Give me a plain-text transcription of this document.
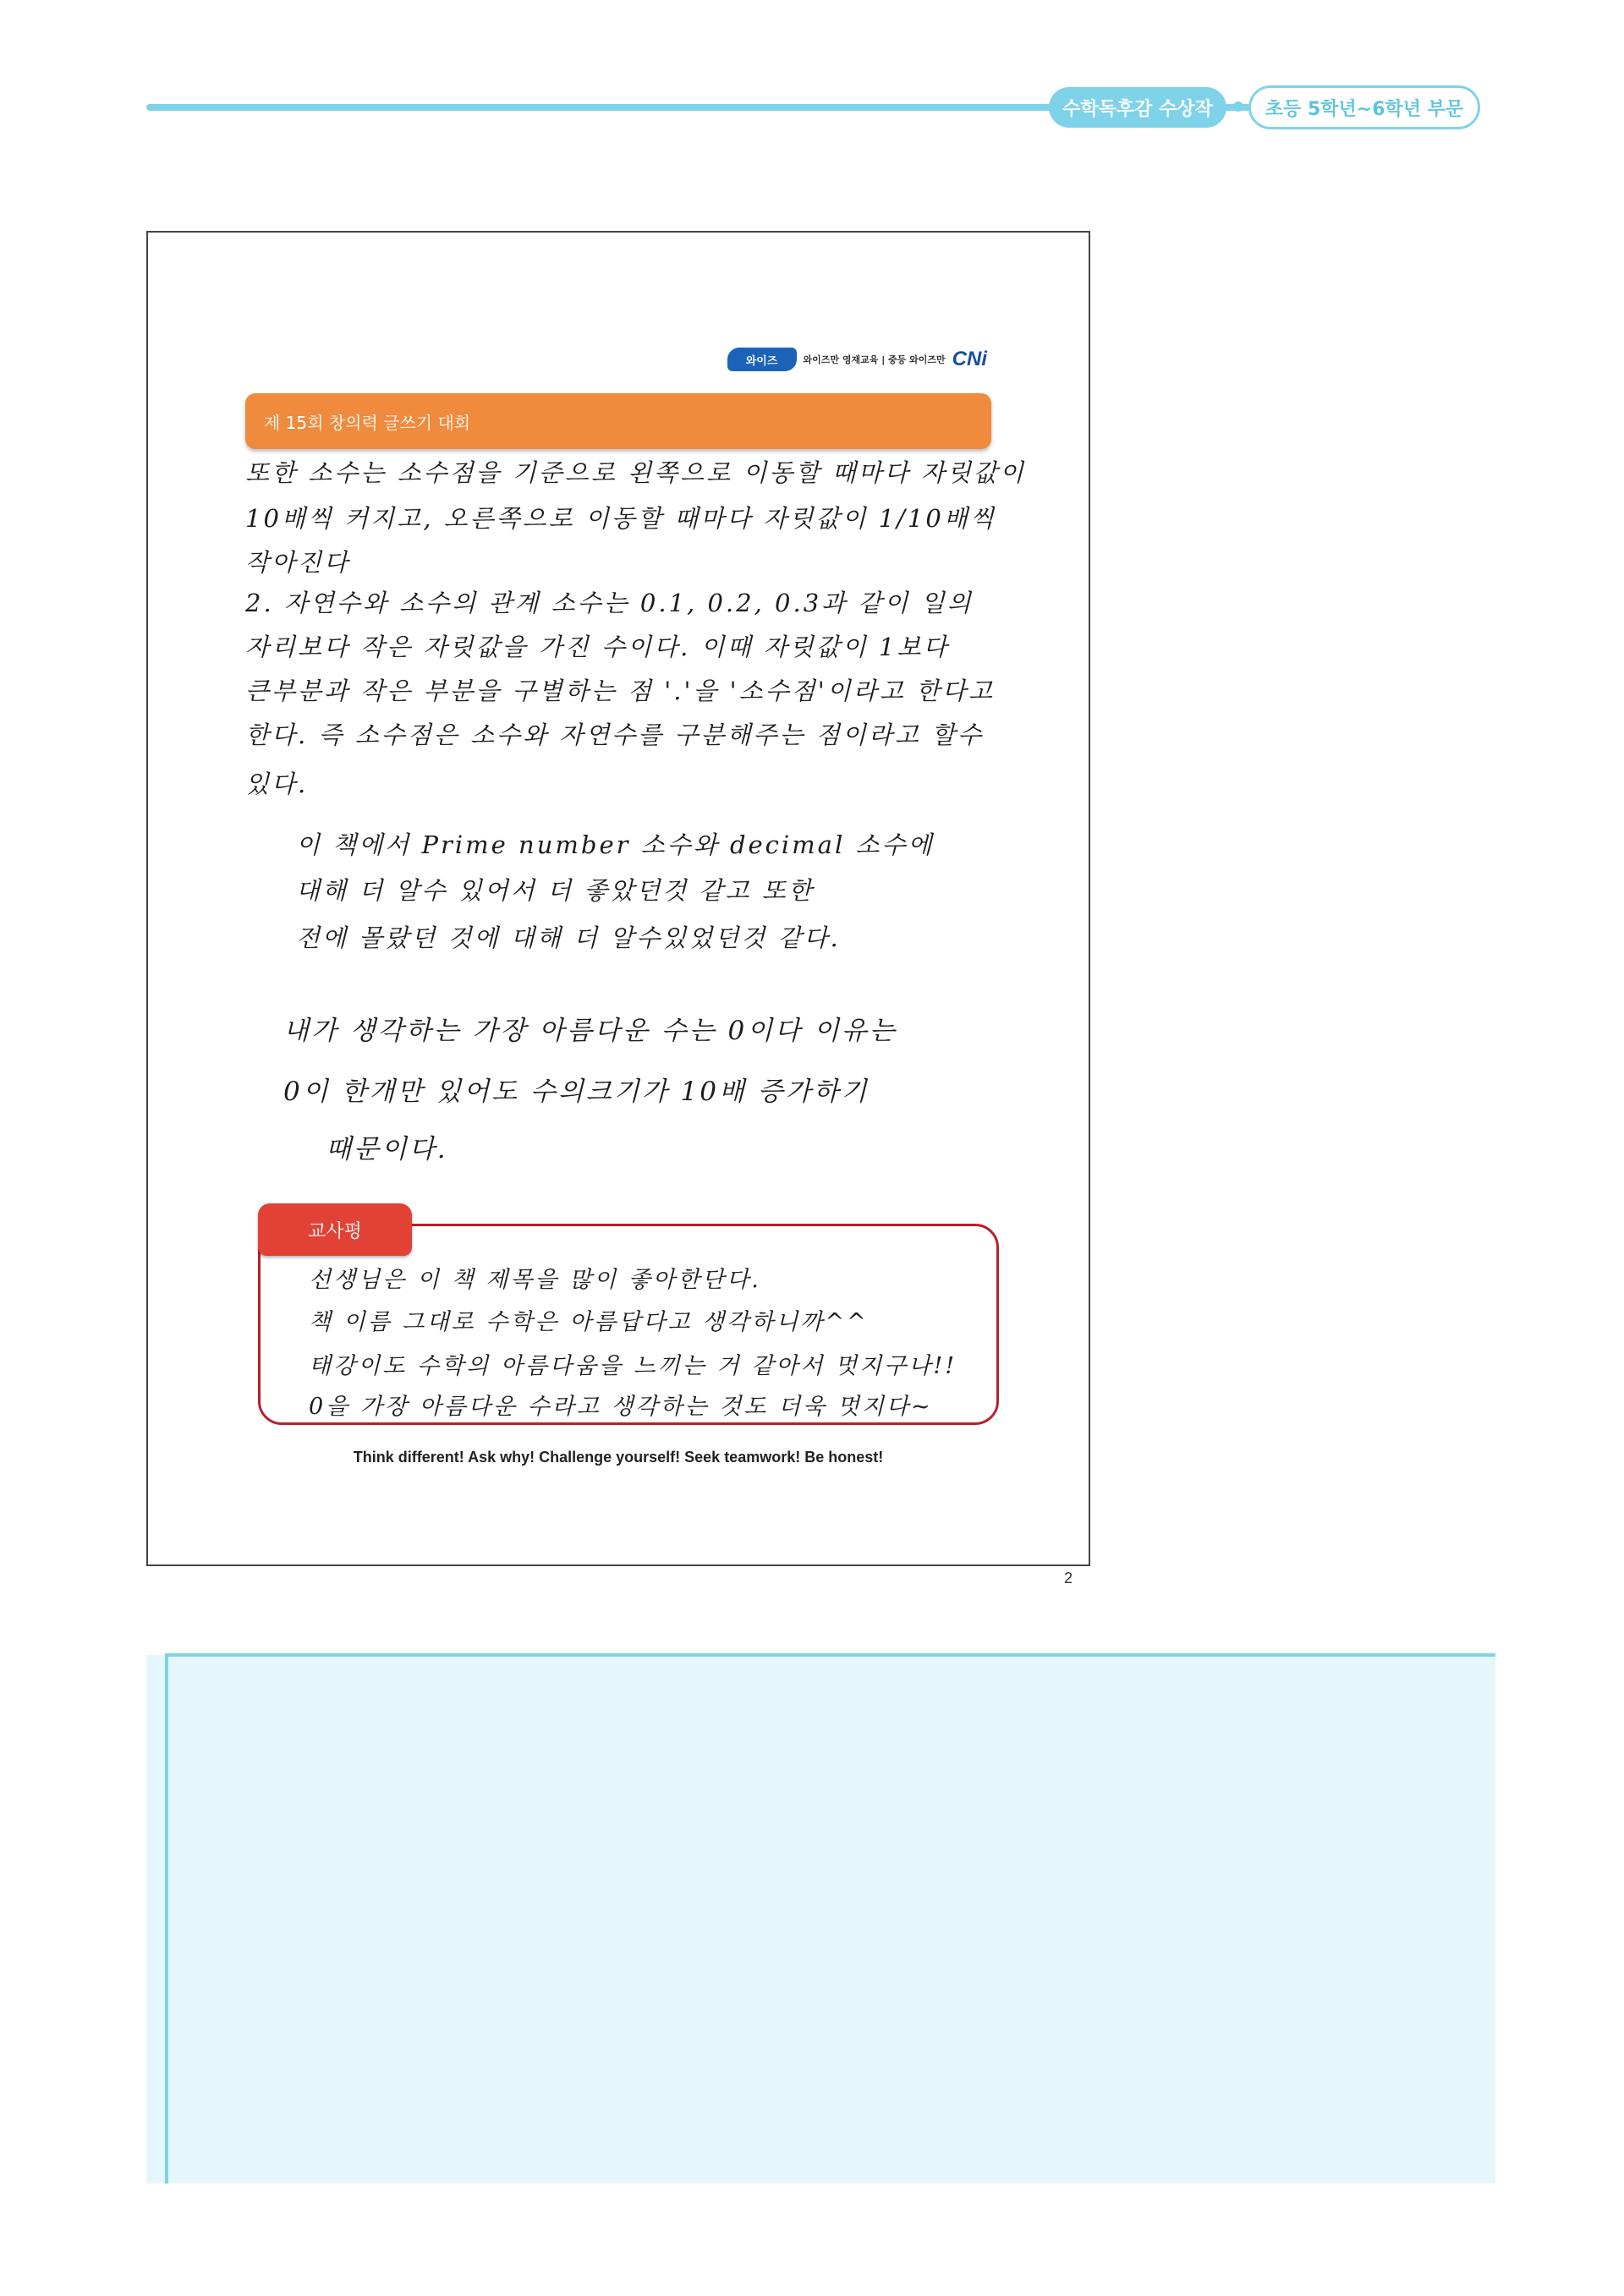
수학독후감 수상작	초등 5학년~6학년 부문
와이즈	와이즈만 영재교육 | 중등 와이즈만 CNi
제 15회 창의력 글쓰기 대회
또한 소수는 소수점을 기준으로 왼쪽으로 이동할 때마다 자릿값이
10배씩 커지고, 오른쪽으로 이동할 때마다 자릿값이 1/10배씩
작아진다
2. 자연수와 소수의 관계 소수는 0.1, 0.2, 0.3과 같이 일의
자리보다 작은 자릿값을 가진 수이다. 이때 자릿값이 1보다
큰부분과 작은 부분을 구별하는 점 '.'을 '소수점'이라고 한다고
한다. 즉 소수점은 소수와 자연수를 구분해주는 점이라고 할수
있다.
이 책에서 Prime number 소수와 decimal 소수에
대해 더 알수 있어서 더 좋았던것 같고 또한
전에 몰랐던 것에 대해 더 알수있었던것 같다.
내가 생각하는 가장 아름다운 수는 0이다 이유는
0이 한개만 있어도 수의크기가 10배 증가하기
때문이다.
교사평
선생님은 이 책 제목을 많이 좋아한단다.
책 이름 그대로 수학은 아름답다고 생각하니까^^
태강이도 수학의 아름다움을 느끼는 거 같아서 멋지구나!!
0을 가장 아름다운 수라고 생각하는 것도 더욱 멋지다~
Think different! Ask why! Challenge yourself! Seek teamwork! Be honest!
2
